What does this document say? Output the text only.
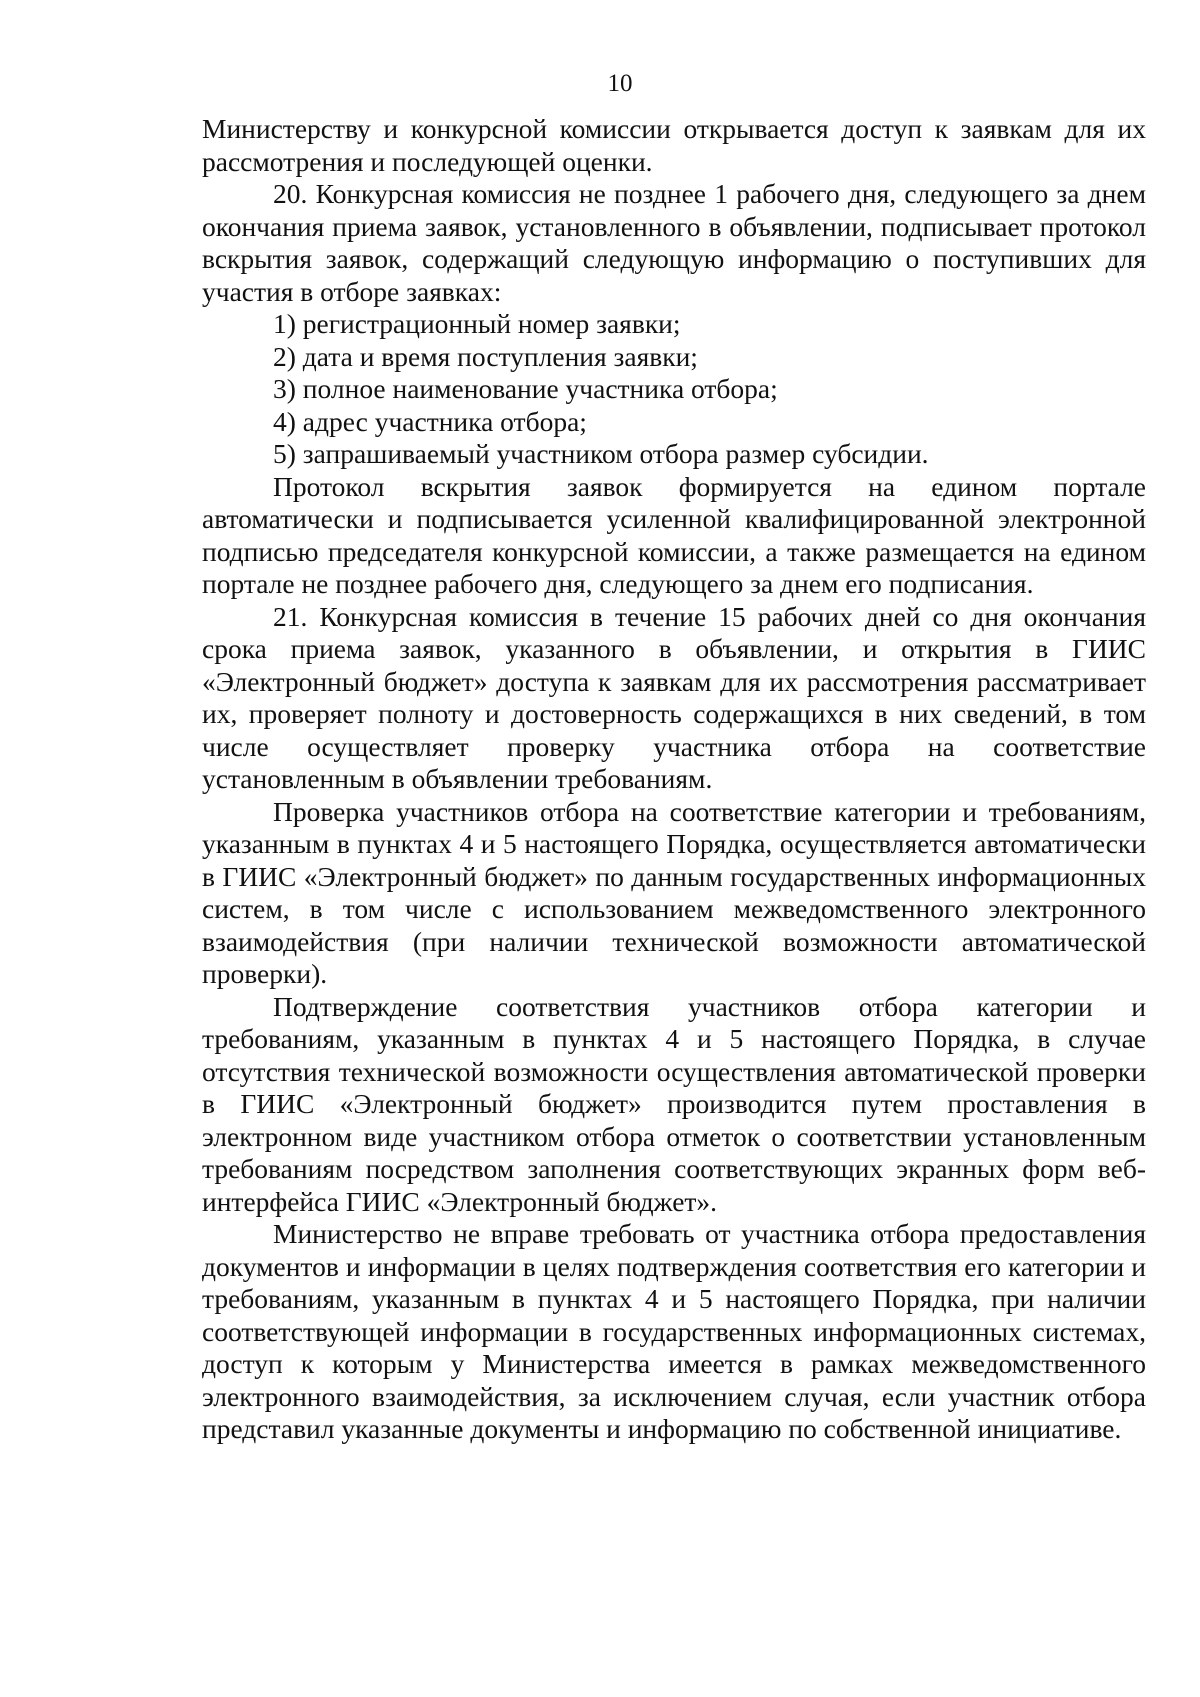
10

Министерству и конкурсной комиссии открывается доступ к заявкам для их рассмотрения и последующей оценки.

20. Конкурсная комиссия не позднее 1 рабочего дня, следующего за днем окончания приема заявок, установленного в объявлении, подписывает протокол вскрытия заявок, содержащий следующую информацию о поступивших для участия в отборе заявках:

1) регистрационный номер заявки;

2) дата и время поступления заявки;

3) полное наименование участника отбора;

4) адрес участника отбора;

5) запрашиваемый участником отбора размер субсидии.

Протокол вскрытия заявок формируется на едином портале автоматически и подписывается усиленной квалифицированной электронной подписью председателя конкурсной комиссии, а также размещается на едином портале не позднее рабочего дня, следующего за днем его подписания.

21. Конкурсная комиссия в течение 15 рабочих дней со дня окончания срока приема заявок, указанного в объявлении, и открытия в ГИИС «Электронный бюджет» доступа к заявкам для их рассмотрения рассматривает их, проверяет полноту и достоверность содержащихся в них сведений, в том числе осуществляет проверку участника отбора на соответствие установленным в объявлении требованиям.

Проверка участников отбора на соответствие категории и требованиям, указанным в пунктах 4 и 5 настоящего Порядка, осуществляется автоматически в ГИИС «Электронный бюджет» по данным государственных информационных систем, в том числе с использованием межведомственного электронного взаимодействия (при наличии технической возможности автоматической проверки).

Подтверждение соответствия участников отбора категории и требованиям, указанным в пунктах 4 и 5 настоящего Порядка, в случае отсутствия технической возможности осуществления автоматической проверки в ГИИС «Электронный бюджет» производится путем проставления в электронном виде участником отбора отметок о соответствии установленным требованиям посредством заполнения соответствующих экранных форм веб-интерфейса ГИИС «Электронный бюджет».

Министерство не вправе требовать от участника отбора предоставления документов и информации в целях подтверждения соответствия его категории и требованиям, указанным в пунктах 4 и 5 настоящего Порядка, при наличии соответствующей информации в государственных информационных системах, доступ к которым у Министерства имеется в рамках межведомственного электронного взаимодействия, за исключением случая, если участник отбора представил указанные документы и информацию по собственной инициативе.
